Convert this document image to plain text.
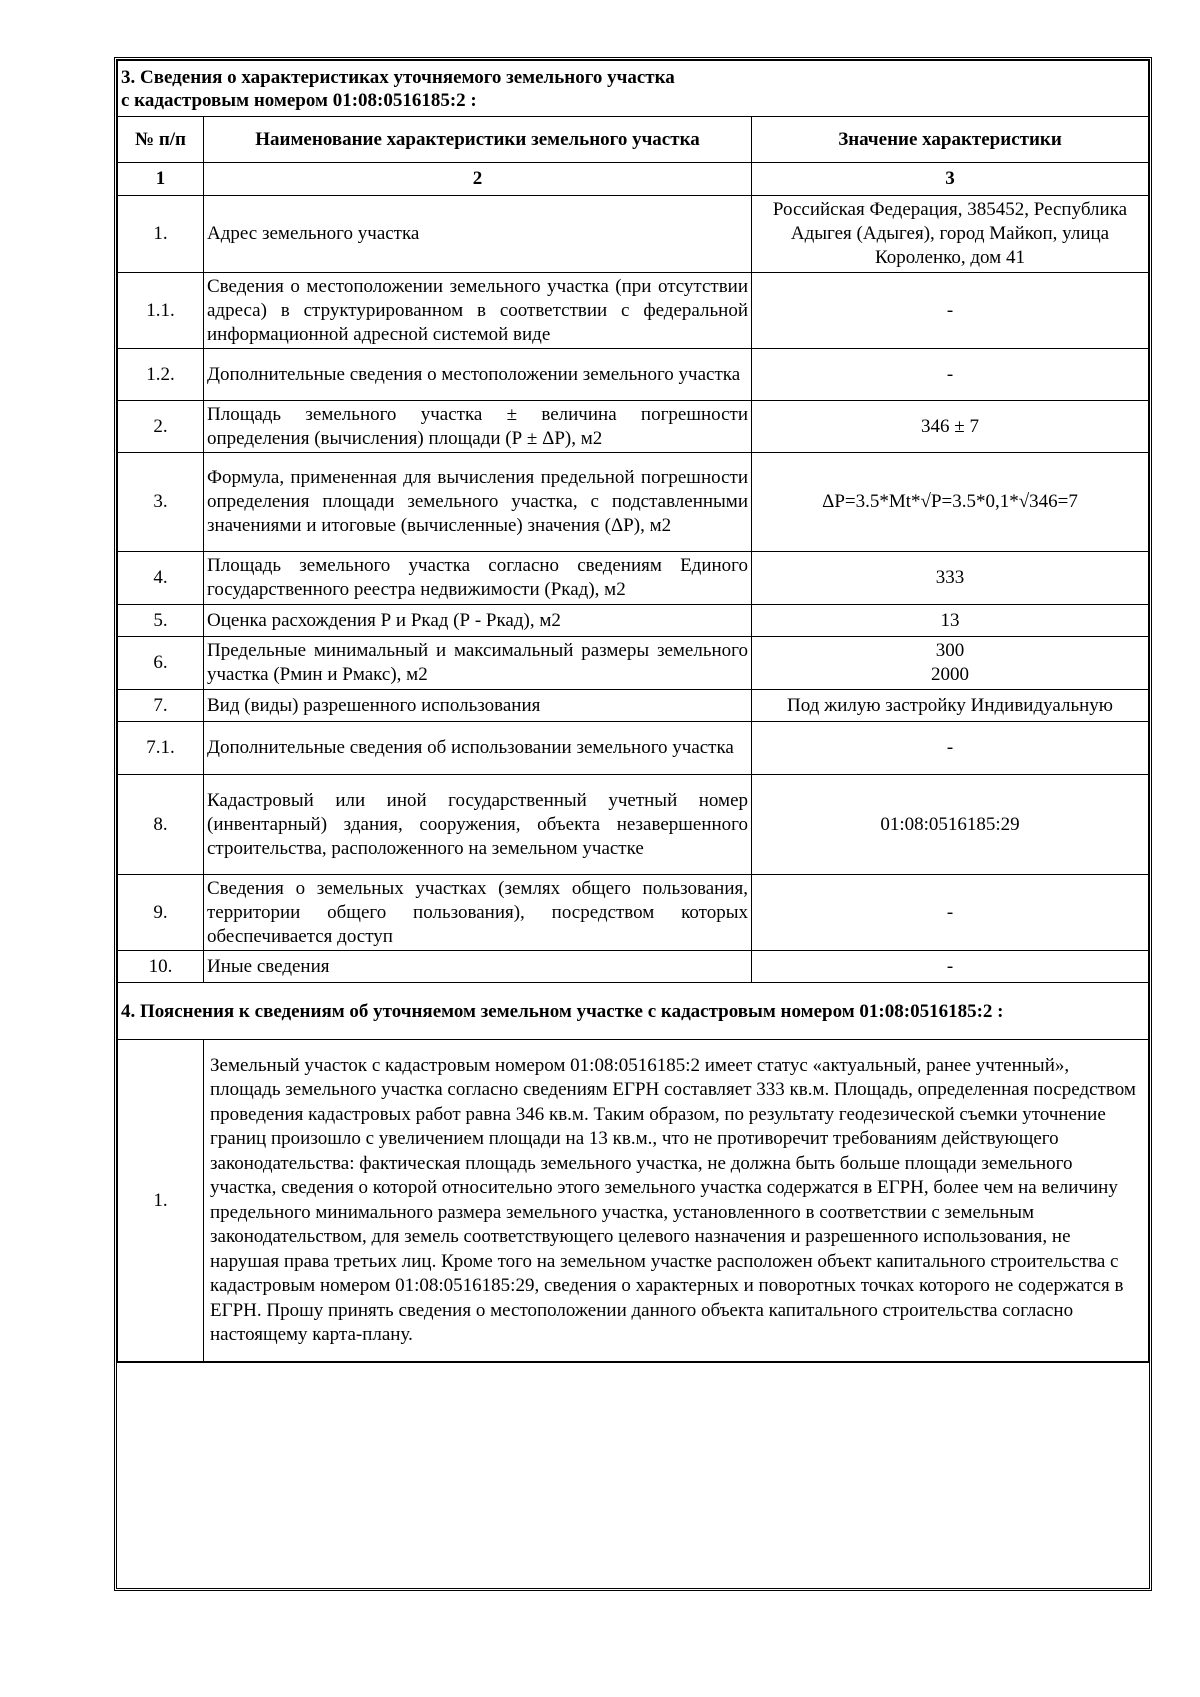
3. Сведения о характеристиках уточняемого земельного участка
с кадастровым номером 01:08:0516185:2 :		
№ п/п	Наименование характеристики земельного участка	Значение характеристики
1	2	3
1.	Адрес земельного участка	Российская Федерация, 385452, Республика Адыгея (Адыгея), город Майкоп, улица Короленко, дом 41
1.1.	Сведения о местоположении земельного участка (при отсутствии адреса) в структурированном в соответствии с федеральной информационной адресной системой виде	-
1.2.	Дополнительные сведения о местоположении земельного участка	-
2.	Площадь земельного участка ± величина погрешности определения (вычисления) площади (Р ± ΔР), м2	346 ± 7
3.	Формула, примененная для вычисления предельной погрешности определения площади земельного участка, с подставленными значениями и итоговые (вычисленные) значения (ΔР), м2	ΔР=3.5*Mt*√Р=3.5*0,1*√346=7
4.	Площадь земельного участка согласно сведениям Единого государственного реестра недвижимости (Ркад), м2	333
5.	Оценка расхождения Р и Ркад (Р - Ркад), м2	13
6.	Предельные минимальный и максимальный размеры земельного участка (Рмин и Рмакс), м2	300
2000
7.	Вид (виды) разрешенного использования	Под жилую застройку Индивидуальную
7.1.	Дополнительные сведения об использовании земельного участка	-
8.	Кадастровый или иной государственный учетный номер (инвентарный) здания, сооружения, объекта незавершенного строительства, расположенного на земельном участке	01:08:0516185:29
9.	Сведения о земельных участках (землях общего пользования, территории общего пользования), посредством которых обеспечивается доступ	-
10.	Иные сведения	-
4. Пояснения к сведениям об уточняемом земельном участке с кадастровым номером 01:08:0516185:2 :		
1.	Земельный участок с кадастровым номером 01:08:0516185:2 имеет статус «актуальный, ранее учтенный», площадь земельного участка согласно сведениям ЕГРН составляет 333 кв.м. Площадь, определенная посредством проведения кадастровых работ равна 346 кв.м. Таким образом, по результату геодезической съемки уточнение границ произошло с увеличением площади на 13 кв.м., что не противоречит требованиям действующего законодательства: фактическая площадь земельного участка, не должна быть больше площади земельного участка, сведения о которой относительно этого земельного участка содержатся в ЕГРН, более чем на величину предельного минимального размера земельного участка, установленного в соответствии с земельным законодательством, для земель соответствующего целевого назначения и разрешенного использования, не нарушая права третьих лиц. Кроме того на земельном участке расположен объект капитального строительства с кадастровым номером 01:08:0516185:29, сведения о характерных и поворотных точках которого не содержатся в ЕГРН. Прошу принять сведения о местоположении данного объекта капитального строительства согласно настоящему карта-плану.	
